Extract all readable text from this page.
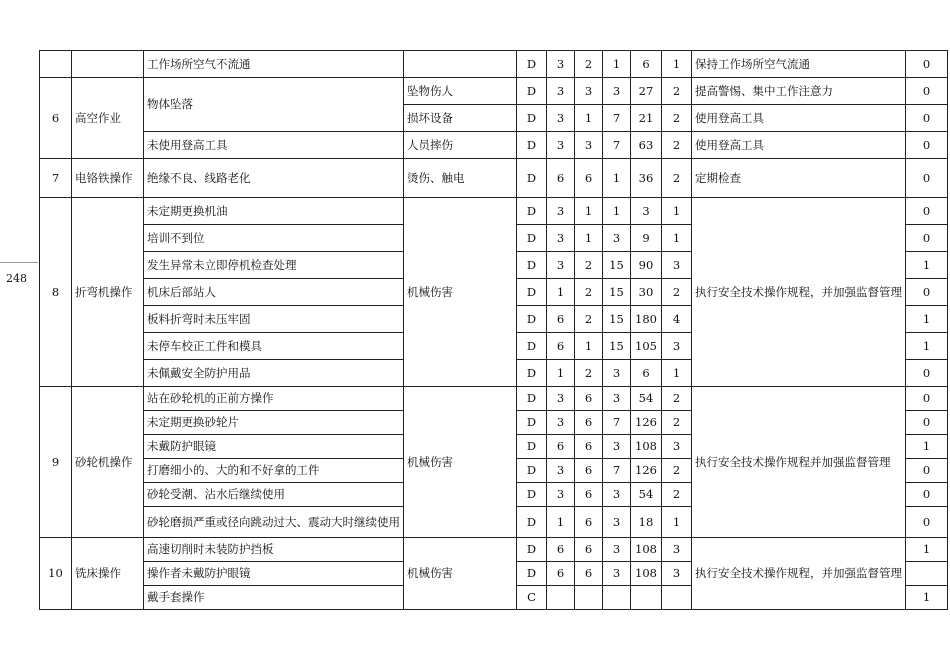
248
		工作场所空气不流通		D	3	2	1	6	1	保持工作场所空气流通	0
6	高空作业	物体坠落	坠物伤人	D	3	3	3	27	2	提高警惕、集中工作注意力	0
			损坏设备	D	3	1	7	21	2	使用登高工具	0
		未使用登高工具	人员摔伤	D	3	3	7	63	2	使用登高工具	0
7	电铬铁操作	绝缘不良、线路老化	烫伤、触电	D	6	6	1	36	2	定期检查	0
8	折弯机操作	未定期更换机油	机械伤害	D	3	1	1	3	1	执行安全技术操作规程，并加强监督管理	0
		培训不到位		D	3	1	3	9	1		0
		发生异常未立即停机检查处理		D	3	2	15	90	3		1
		机床后部站人		D	1	2	15	30	2		0
		板料折弯时未压牢固		D	6	2	15	180	4		1
		未停车校正工件和模具		D	6	1	15	105	3		1
		未佩戴安全防护用品		D	1	2	3	6	1		0
9	砂轮机操作	站在砂轮机的正前方操作	机械伤害	D	3	6	3	54	2	执行安全技术操作规程并加强监督管理	0
		未定期更换砂轮片		D	3	6	7	126	2		0
		未戴防护眼镜		D	6	6	3	108	3		1
		打磨细小的、大的和不好拿的工件		D	3	6	7	126	2		0
		砂轮受潮、沾水后继续使用		D	3	6	3	54	2		0
		砂轮磨损严重或径向跳动过大、震动大时继续使用		D	1	6	3	18	1		0
10	铣床操作	高速切削时未装防护挡板	机械伤害	D	6	6	3	108	3	执行安全技术操作规程，并加强监督管理	1
		操作者未戴防护眼镜		D	6	6	3	108	3		
		戴手套操作		C							1
